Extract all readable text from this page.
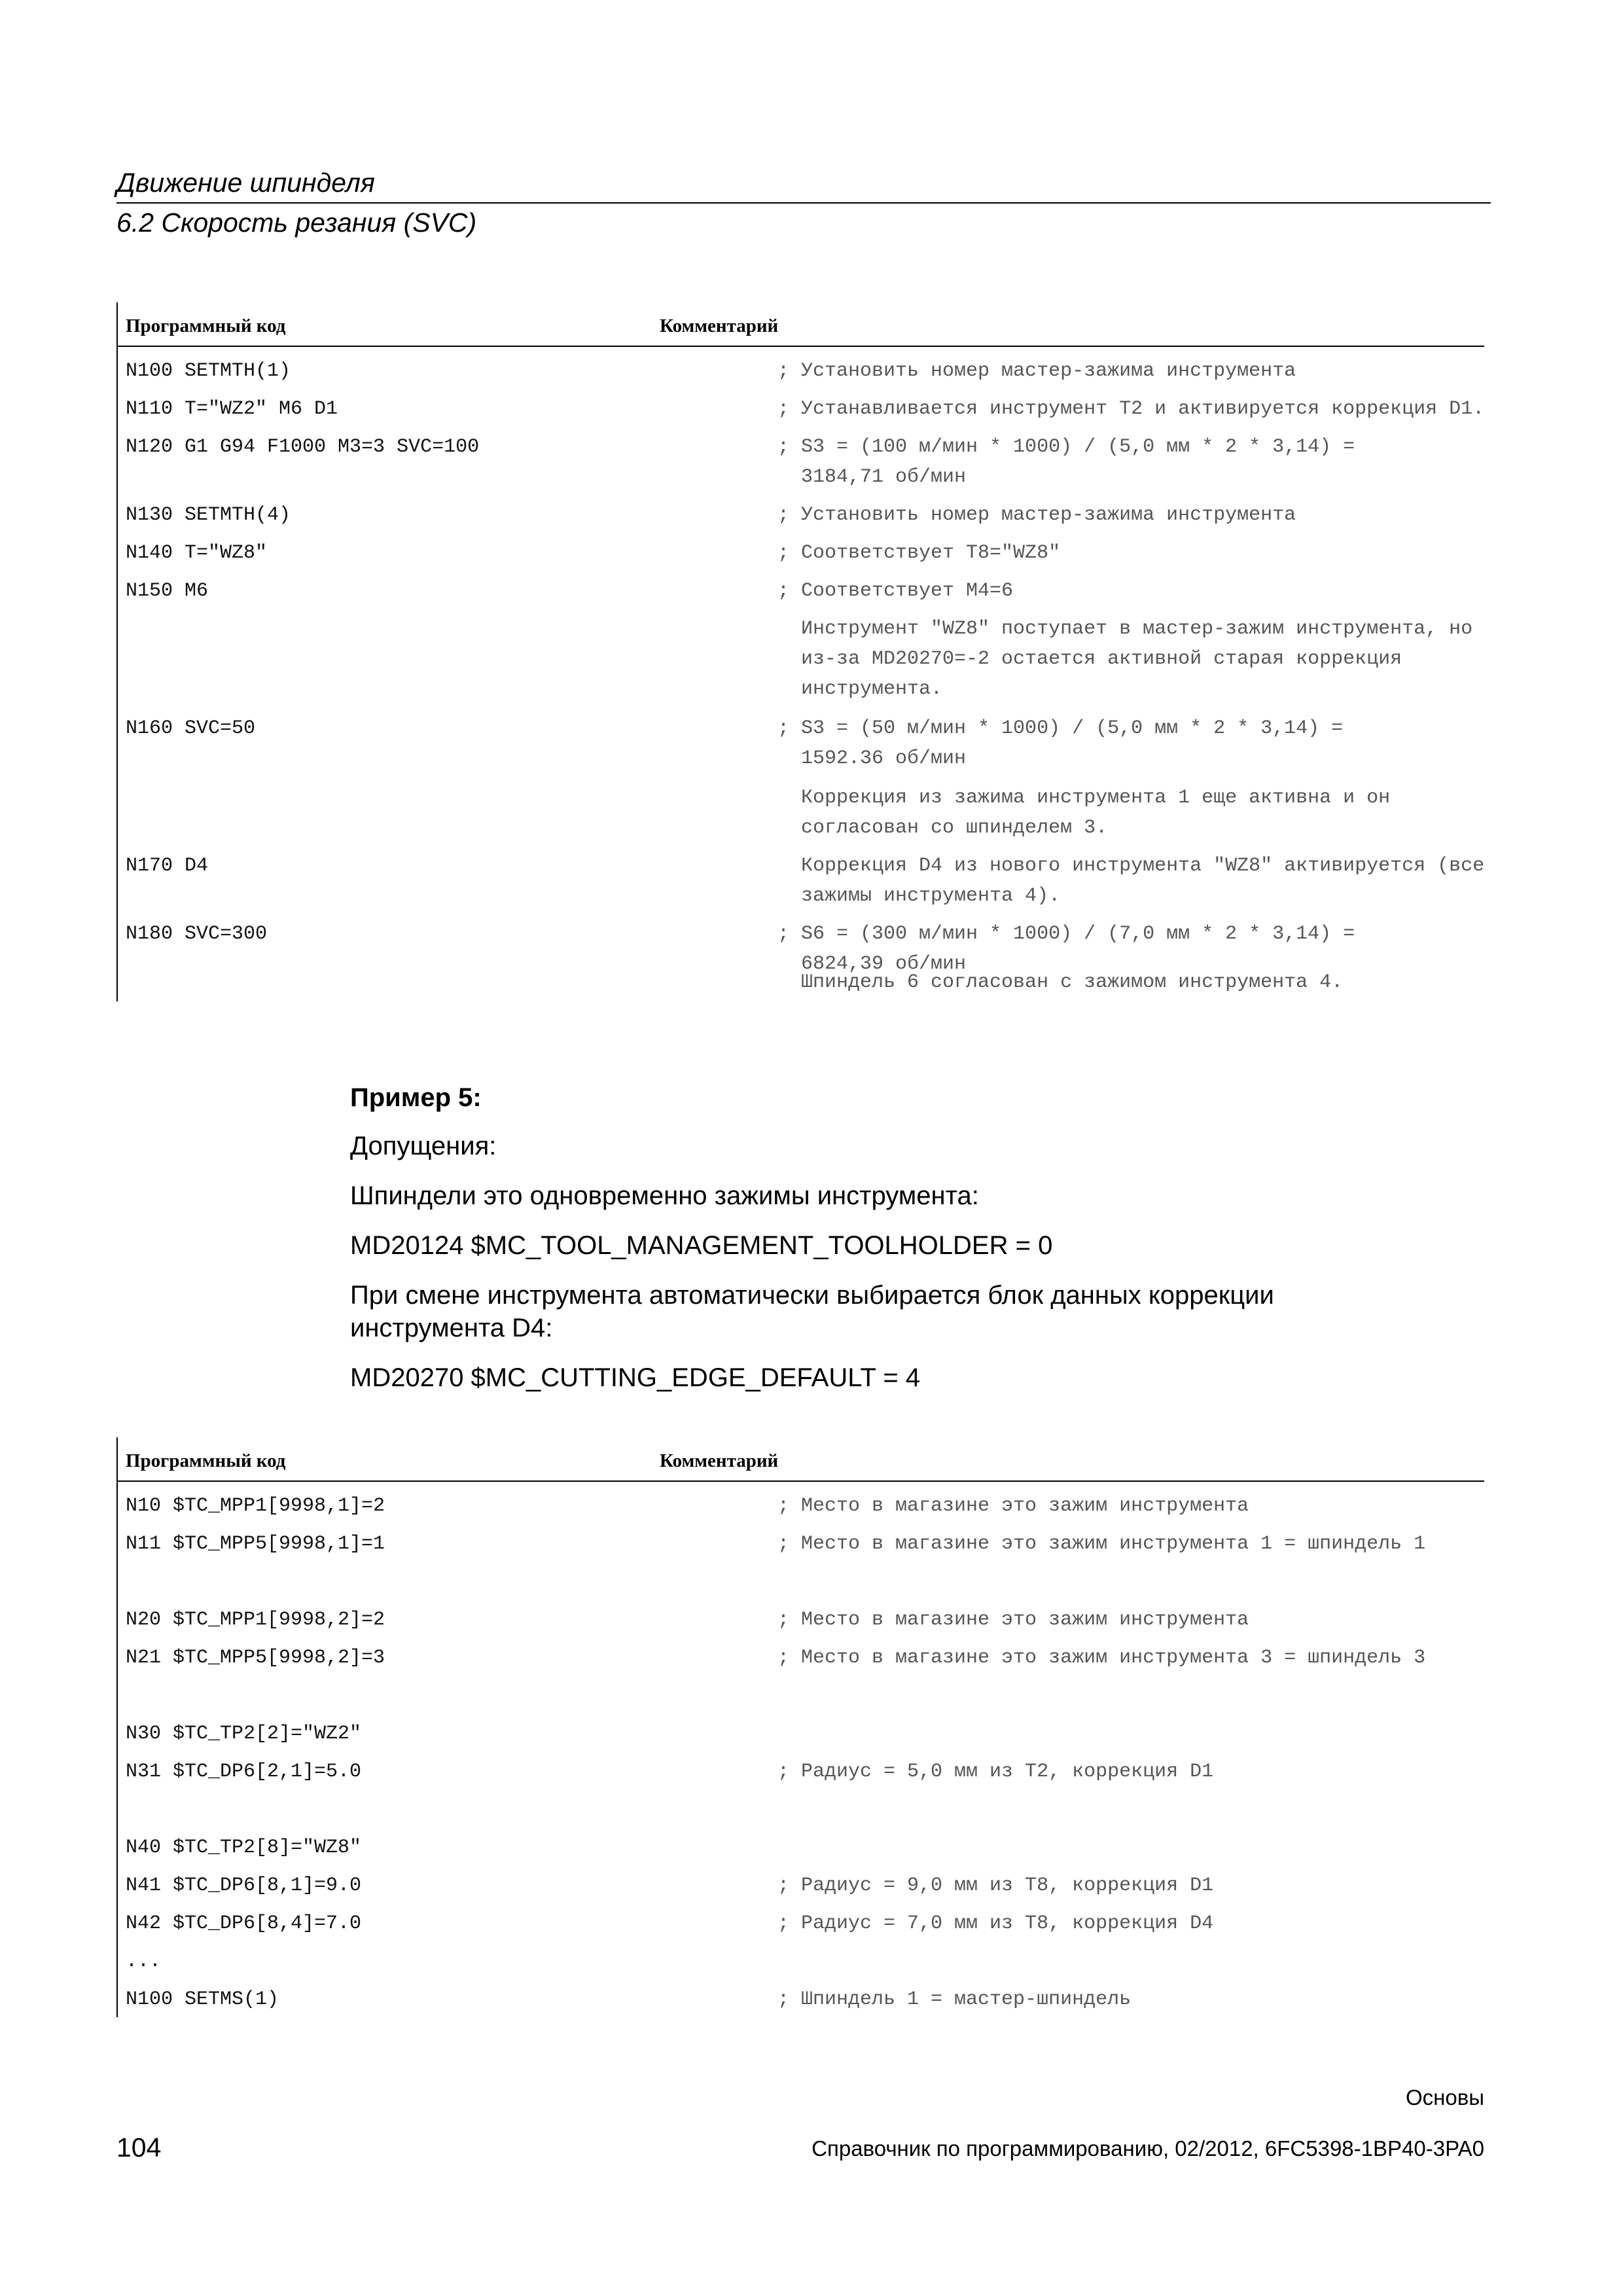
Движение шпинделя
6.2 Скорость резания (SVC)
Программный код	Комментарий
N100 SETMTH(1)	; Установить номер мастер-зажима инструмента
N110 T="WZ2" M6 D1	; Устанавливается инструмент T2 и активируется коррекция D1.
N120 G1 G94 F1000 M3=3 SVC=100	; S3 = (100 м/мин * 1000) / (5,0 мм * 2 * 3,14) =
3184,71 об/мин
N130 SETMTH(4)	; Установить номер мастер-зажима инструмента
N140 T="WZ8"	; Соответствует T8="WZ8"
N150 M6	; Соответствует M4=6
Инструмент "WZ8" поступает в мастер-зажим инструмента, но
из-за MD20270=-2 остается активной старая коррекция
инструмента.
N160 SVC=50	; S3 = (50 м/мин * 1000) / (5,0 мм * 2 * 3,14) =
1592.36 об/мин
Коррекция из зажима инструмента 1 еще активна и он
согласован со шпинделем 3.
N170 D4	Коррекция D4 из нового инструмента "WZ8" активируется (все
зажимы инструмента 4).
N180 SVC=300	; S6 = (300 м/мин * 1000) / (7,0 мм * 2 * 3,14) =
6824,39 об/мин
Шпиндель 6 согласован с зажимом инструмента 4.
Пример 5:
Допущения:
Шпиндели это одновременно зажимы инструмента:
MD20124 $MC_TOOL_MANAGEMENT_TOOLHOLDER = 0
При смене инструмента автоматически выбирается блок данных коррекции
инструмента D4:
MD20270 $MC_CUTTING_EDGE_DEFAULT = 4
Программный код	Комментарий
N10 $TC_MPP1[9998,1]=2	; Место в магазине это зажим инструмента
N11 $TC_MPP5[9998,1]=1	; Место в магазине это зажим инструмента 1 = шпиндель 1
N20 $TC_MPP1[9998,2]=2	; Место в магазине это зажим инструмента
N21 $TC_MPP5[9998,2]=3	; Место в магазине это зажим инструмента 3 = шпиндель 3
N30 $TC_TP2[2]="WZ2"
N31 $TC_DP6[2,1]=5.0	; Радиус = 5,0 мм из T2, коррекция D1
N40 $TC_TP2[8]="WZ8"
N41 $TC_DP6[8,1]=9.0	; Радиус = 9,0 мм из T8, коррекция D1
N42 $TC_DP6[8,4]=7.0	; Радиус = 7,0 мм из T8, коррекция D4
...
N100 SETMS(1)	; Шпиндель 1 = мастер-шпиндель
Основы
104	Справочник по программированию, 02/2012, 6FC5398-1BP40-3PA0
